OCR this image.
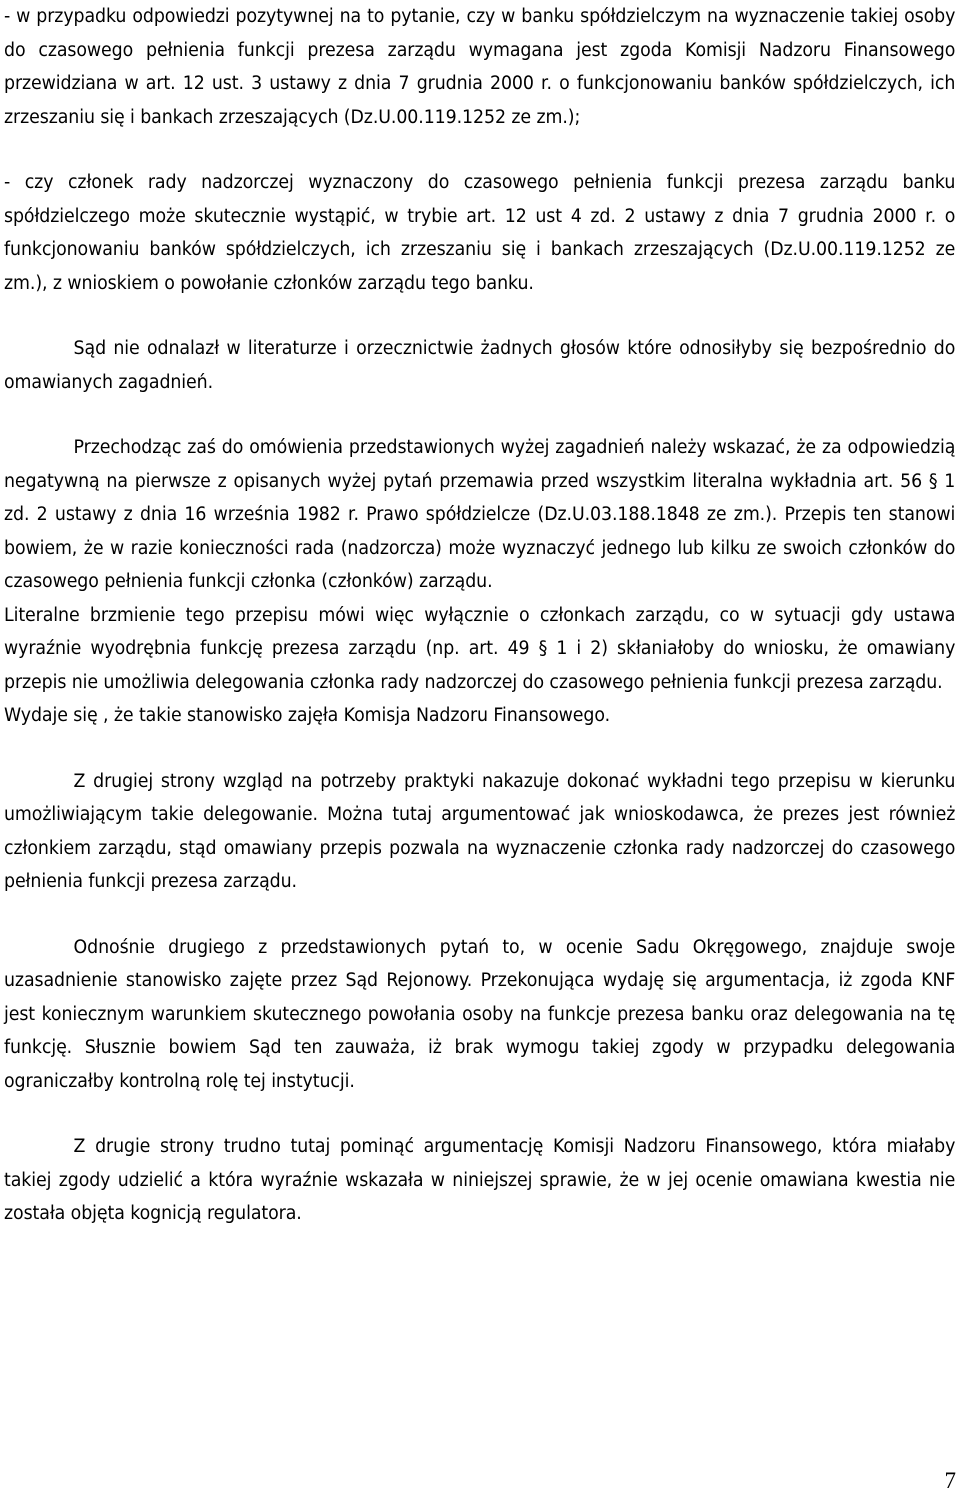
- w przypadku odpowiedzi pozytywnej na to pytanie, czy w banku spółdzielczym na wyznaczenie takiej osoby do czasowego pełnienia funkcji prezesa zarządu wymagana jest zgoda Komisji Nadzoru Finansowego przewidziana w art. 12 ust. 3 ustawy z dnia 7 grudnia 2000 r. o funkcjonowaniu banków spółdzielczych, ich zrzeszaniu się i bankach zrzeszających (Dz.U.00.119.1252 ze zm.);

- czy członek rady nadzorczej wyznaczony do czasowego pełnienia funkcji prezesa zarządu banku spółdzielczego może skutecznie wystąpić, w trybie art. 12 ust 4 zd. 2 ustawy z dnia 7 grudnia 2000 r. o funkcjonowaniu banków spółdzielczych, ich zrzeszaniu się i bankach zrzeszających (Dz.U.00.119.1252 ze zm.), z wnioskiem o powołanie członków zarządu tego banku.

Sąd nie odnalazł w literaturze i orzecznictwie żadnych głosów które odnosiłyby się bezpośrednio do omawianych zagadnień.

Przechodząc zaś do omówienia przedstawionych wyżej zagadnień należy wskazać, że za odpowiedzią negatywną na pierwsze z opisanych wyżej pytań przemawia przed wszystkim literalna wykładnia art. 56 § 1 zd. 2 ustawy z dnia 16 września 1982 r. Prawo spółdzielcze (Dz.U.03.188.1848 ze zm.). Przepis ten stanowi bowiem, że w razie konieczności rada (nadzorcza) może wyznaczyć jednego lub kilku ze swoich członków do czasowego pełnienia funkcji członka (członków) zarządu.

Literalne brzmienie tego przepisu mówi więc wyłącznie o członkach zarządu, co w sytuacji gdy ustawa wyraźnie wyodrębnia funkcję prezesa zarządu (np. art. 49 § 1 i 2) skłaniałoby do wniosku, że omawiany przepis nie umożliwia delegowania członka rady nadzorczej do czasowego pełnienia funkcji prezesa zarządu.

Wydaje się , że takie stanowisko zajęła Komisja Nadzoru Finansowego.

Z drugiej strony wzgląd na potrzeby praktyki nakazuje dokonać wykładni tego przepisu w kierunku umożliwiającym takie delegowanie. Można tutaj argumentować jak wnioskodawca, że prezes jest również członkiem zarządu, stąd omawiany przepis pozwala na wyznaczenie członka rady nadzorczej do czasowego pełnienia funkcji prezesa zarządu.

Odnośnie drugiego z przedstawionych pytań to, w ocenie Sadu Okręgowego, znajduje swoje uzasadnienie stanowisko zajęte przez Sąd Rejonowy. Przekonująca wydaję się argumentacja, iż zgoda KNF jest koniecznym warunkiem skutecznego powołania osoby na funkcje prezesa banku oraz delegowania na tę funkcję. Słusznie bowiem Sąd ten zauważa, iż brak wymogu takiej zgody w przypadku delegowania ograniczałby kontrolną rolę tej instytucji.

Z drugie strony trudno tutaj pominąć argumentację Komisji Nadzoru Finansowego, która miałaby takiej zgody udzielić a która wyraźnie wskazała w niniejszej sprawie, że w jej ocenie omawiana kwestia nie została objęta kognicją regulatora.

7
